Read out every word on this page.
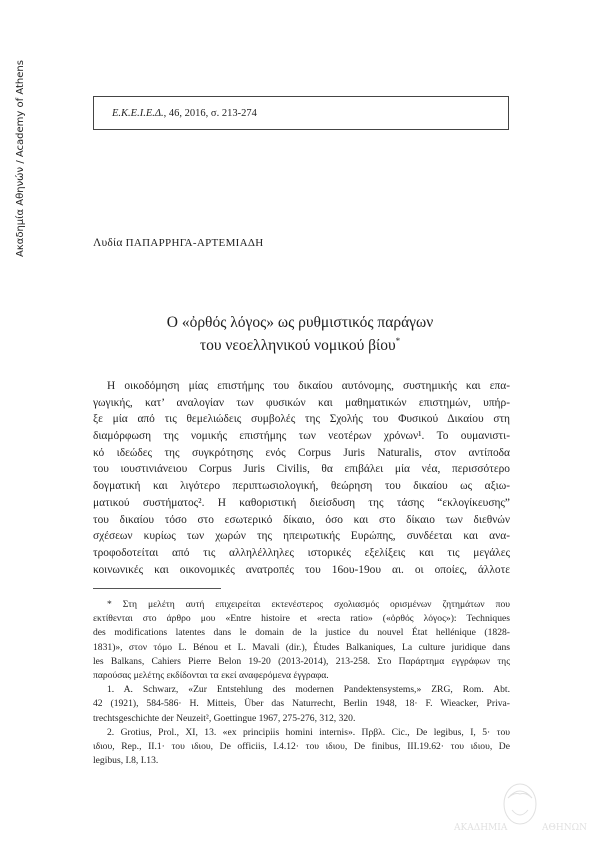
Ακαδημία Αθηνών / Academy of Athens	Ε.Κ.Ε.Ι.Ε.Δ. , 46, 2016, σ. 213-274
Λυδία ΠΑΠΑΡΡΗΓΑ-ΑΡΤΕΜΙΑΔΗ
Ο «ὀρθός λόγος» ως ρυθμιστικός παράγων
του νεοελληνικού νομικού βίου*
Η οικοδόμηση μίας επιστήμης του δικαίου αυτόνομης, συστημικής και επα-
γωγικής, κατ’ αναλογίαν των φυσικών και μαθηματικών επιστημών, υπήρ-
ξε μία από τις θεμελιώδεις συμβολές της Σχολής του Φυσικού Δικαίου στη
διαμόρφωση της νομικής επιστήμης των νεοτέρων χρόνων¹. Το ουμανιστι-
κό ιδεώδες της συγκρότησης ενός Corpus Juris Naturalis, στον αντίποδα
του ιουστινιάνειου Corpus Juris Civilis, θα επιβάλει μία νέα, περισσότερο
δογματική και λιγότερο περιπτωσιολογική, θεώρηση του δικαίου ως αξιω-
ματικού συστήματος². Η καθοριστική διείσδυση της τάσης “εκλογίκευσης”
του δικαίου τόσο στο εσωτερικό δίκαιο, όσο και στο δίκαιο των διεθνών
σχέσεων κυρίως των χωρών της ηπειρωτικής Ευρώπης, συνδέεται και ανα-
τροφοδοτείται από τις αλληλέλληλες ιστορικές εξελίξεις και τις μεγάλες
κοινωνικές και οικονομικές ανατροπές του 16ου-19ου αι. οι οποίες, άλλοτε
* Στη μελέτη αυτή επιχειρείται εκτενέστερος σχολιασμός ορισμένων ζητημάτων που
εκτίθενται στο άρθρο μου «Entre histoire et «recta ratio» («ὀρθός λόγος»): Techniques
des modifications latentes dans le domain de la justice du nouvel État hellénique (1828-
1831)», στον τόμο L. Bénou et L. Mavali (dir.), Études Balkaniques, La culture juridique dans
les Balkans, Cahiers Pierre Belon 19-20 (2013-2014), 213-258. Στο Παράρτημα εγγράφων της
παρούσας μελέτης εκδίδονται τα εκεί αναφερόμενα έγγραφα.
1. A. Schwarz, «Zur Entstehlung des modernen Pandektensystems,» ZRG, Rom. Abt.
42 (1921), 584-586· H. Mitteis, Über das Naturrecht, Berlin 1948, 18· F. Wieacker, Priva-
trechtsgeschichte der Neuzeit², Goettingue 1967, 275-276, 312, 320.
2. Grotius, Prol., XI, 13. «ex principiis homini internis». Πρβλ. Cic., De legibus, I, 5· του
ιδιου, Rep., II.1· του ιδιου, De officiis, I.4.12· του ιδιου, De finibus, III.19.62· του ιδιου, De
legibus, I.8, I.13.
ΑΚΑΔΗΜΙΑ	ΑΘΗΝΩΝ
